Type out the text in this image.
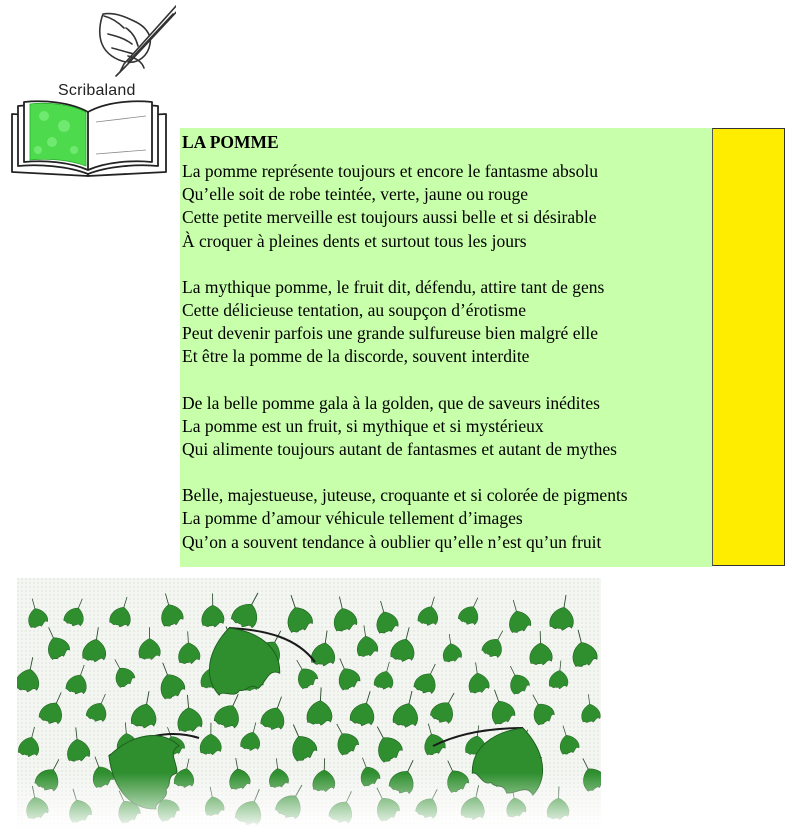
Scribaland
LA POMME
La pomme représente toujours et encore le fantasme absolu
Qu’elle soit de robe teintée, verte, jaune ou rouge
Cette petite merveille est toujours aussi belle et si désirable
À croquer à pleines dents et surtout tous les jours
La mythique pomme, le fruit dit, défendu, attire tant de gens
Cette délicieuse tentation, au soupçon d’érotisme
Peut devenir parfois une grande sulfureuse bien malgré elle
Et être la pomme de la discorde, souvent interdite
De la belle pomme gala à la golden, que de saveurs inédites
La pomme est un fruit, si mythique et si mystérieux
Qui alimente toujours autant de fantasmes et autant de mythes
Belle, majestueuse, juteuse, croquante et si colorée de pigments
La pomme d’amour véhicule tellement d’images
Qu’on a souvent tendance à oublier qu’elle n’est qu’un fruit
